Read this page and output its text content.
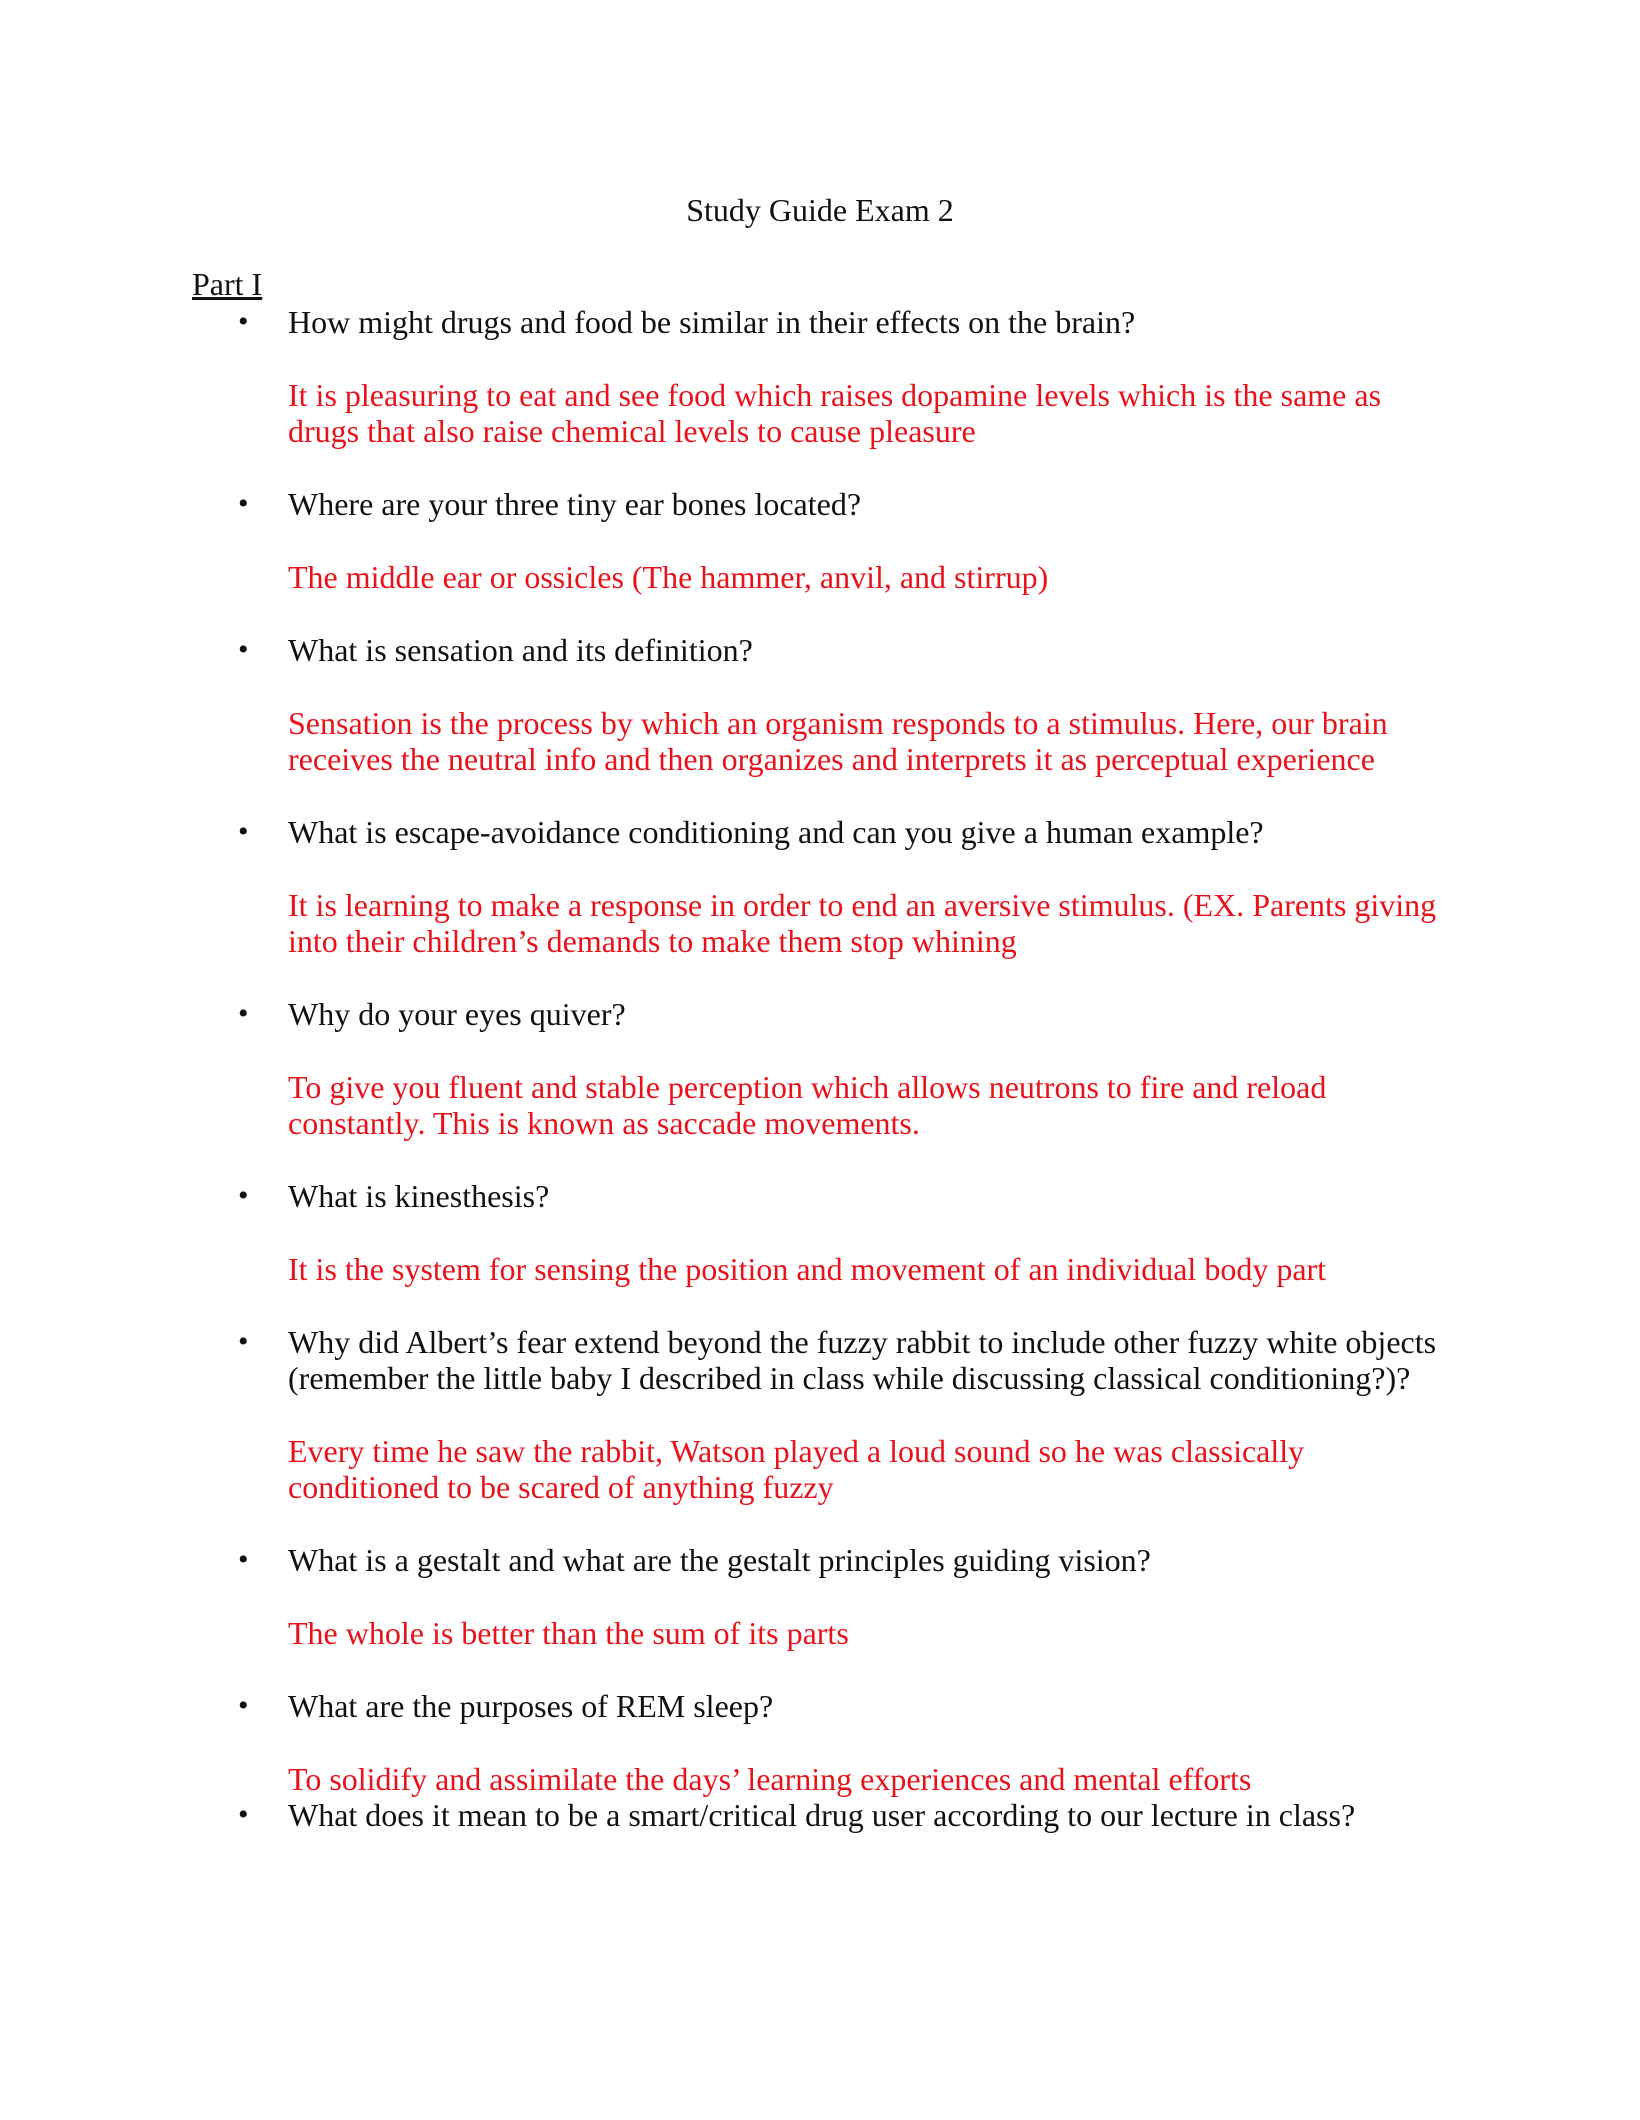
Study Guide Exam 2
Part I
• How might drugs and food be similar in their effects on the brain?

It is pleasuring to eat and see food which raises dopamine levels which is the same as drugs that also raise chemical levels to cause pleasure

• Where are your three tiny ear bones located?

The middle ear or ossicles (The hammer, anvil, and stirrup)

• What is sensation and its definition?

Sensation is the process by which an organism responds to a stimulus. Here, our brain receives the neutral info and then organizes and interprets it as perceptual experience

• What is escape-avoidance conditioning and can you give a human example?

It is learning to make a response in order to end an aversive stimulus. (EX. Parents giving into their children’s demands to make them stop whining

• Why do your eyes quiver?

To give you fluent and stable perception which allows neutrons to fire and reload constantly. This is known as saccade movements.

• What is kinesthesis?

It is the system for sensing the position and movement of an individual body part

• Why did Albert’s fear extend beyond the fuzzy rabbit to include other fuzzy white objects (remember the little baby I described in class while discussing classical conditioning?)?

Every time he saw the rabbit, Watson played a loud sound so he was classically conditioned to be scared of anything fuzzy

• What is a gestalt and what are the gestalt principles guiding vision?

The whole is better than the sum of its parts

• What are the purposes of REM sleep?

To solidify and assimilate the days’ learning experiences and mental efforts

• What does it mean to be a smart/critical drug user according to our lecture in class?
